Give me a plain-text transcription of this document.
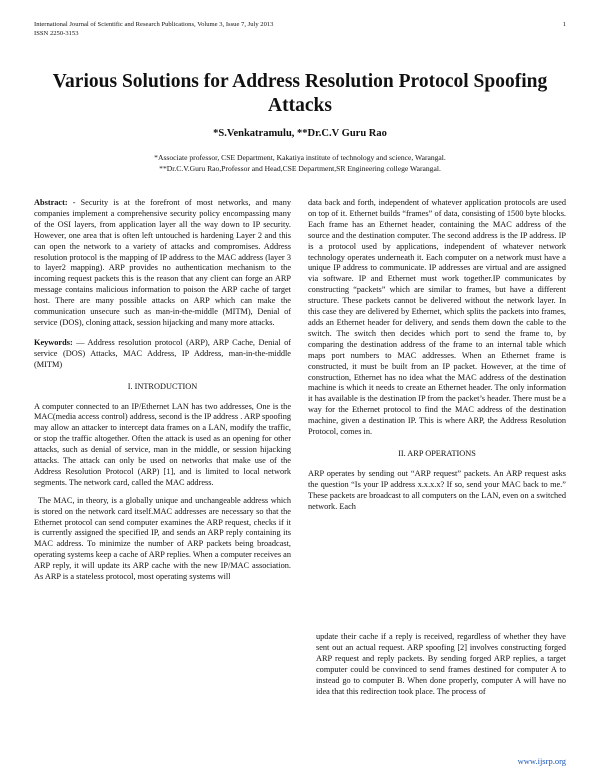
International Journal of Scientific and Research Publications, Volume 3, Issue 7, July 2013
ISSN 2250-3153
1
Various Solutions for Address Resolution Protocol Spoofing Attacks
*S.Venkatramulu, **Dr.C.V Guru Rao
*Associate professor, CSE Department, Kakatiya institute of technology and science, Warangal.
**Dr.C.V.Guru Rao,Professor and Head,CSE Department,SR Engineering college Warangal.

Abstract: - Security is at the forefront of most networks, and many companies implement a comprehensive security policy encompassing many of the OSI layers, from application layer all the way down to IP security. However, one area that is often left untouched is hardening Layer 2 and this can open the network to a variety of attacks and compromises. Address resolution protocol is the mapping of IP address to the MAC address (layer 3 to layer2 mapping). ARP provides no authentication mechanism to the incoming request packets this is the reason that any client can forge an ARP message contains malicious information to poison the ARP cache of target host. There are many possible attacks on ARP which can make the communication unsecure such as man-in-the-middle (MITM), Denial of service (DOS), cloning attack, session hijacking and many more attacks.

Keywords: — Address resolution protocol (ARP), ARP Cache, Denial of service (DOS) Attacks, MAC Address, IP Address, man-in-the-middle (MITM)

I. INTRODUCTION

A computer connected to an IP/Ethernet LAN has two addresses, One is the MAC(media access control) address, second is the IP address . ARP spoofing may allow an attacker to intercept data frames on a LAN, modify the traffic, or stop the traffic altogether. Often the attack is used as an opening for other attacks, such as denial of service, man in the middle, or session hijacking attacks. The attack can only be used on networks that make use of the Address Resolution Protocol (ARP) [1], and is limited to local network segments. The network card, called the MAC address.

The MAC, in theory, is a globally unique and unchangeable address which is stored on the network card itself.MAC addresses are necessary so that the Ethernet protocol can send computer examines the ARP request, checks if it is currently assigned the specified IP, and sends an ARP reply containing its MAC address. To minimize the number of ARP packets being broadcast, operating systems keep a cache of ARP replies. When a computer receives an ARP reply, it will update its ARP cache with the new IP/MAC association. As ARP is a stateless protocol, most operating systems will

data back and forth, independent of whatever application protocols are used on top of it. Ethernet builds “frames” of data, consisting of 1500 byte blocks. Each frame has an Ethernet header, containing the MAC address of the source and the destination computer. The second address is the IP address. IP is a protocol used by applications, independent of whatever network technology operates underneath it. Each computer on a network must have a unique IP address to communicate. IP addresses are virtual and are assigned via software. IP and Ethernet must work together.IP communicates by constructing “packets” which are similar to frames, but have a different structure. These packets cannot be delivered without the network layer. In this case they are delivered by Ethernet, which splits the packets into frames, adds an Ethernet header for delivery, and sends them down the cable to the switch. The switch then decides which port to send the frame to, by comparing the destination address of the frame to an internal table which maps port numbers to MAC addresses. When an Ethernet frame is constructed, it must be built from an IP packet. However, at the time of construction, Ethernet has no idea what the MAC address of the destination machine is which it needs to create an Ethernet header. The only information it has available is the destination IP from the packet’s header. There must be a way for the Ethernet protocol to find the MAC address of the destination machine, given a destination IP. This is where ARP, the Address Resolution Protocol, comes in.

II. ARP OPERATIONS

ARP operates by sending out “ARP request” packets. An ARP request asks the question “Is your IP address x.x.x.x? If so, send your MAC back to me.” These packets are broadcast to all computers on the LAN, even on a switched network. Each

update their cache if a reply is received, regardless of whether they have sent out an actual request. ARP spoofing [2] involves constructing forged ARP request and reply packets. By sending forged ARP replies, a target computer could be convinced to send frames destined for computer A to instead go to computer B. When done properly, computer A will have no idea that this redirection took place. The process of

www.ijsrp.org
